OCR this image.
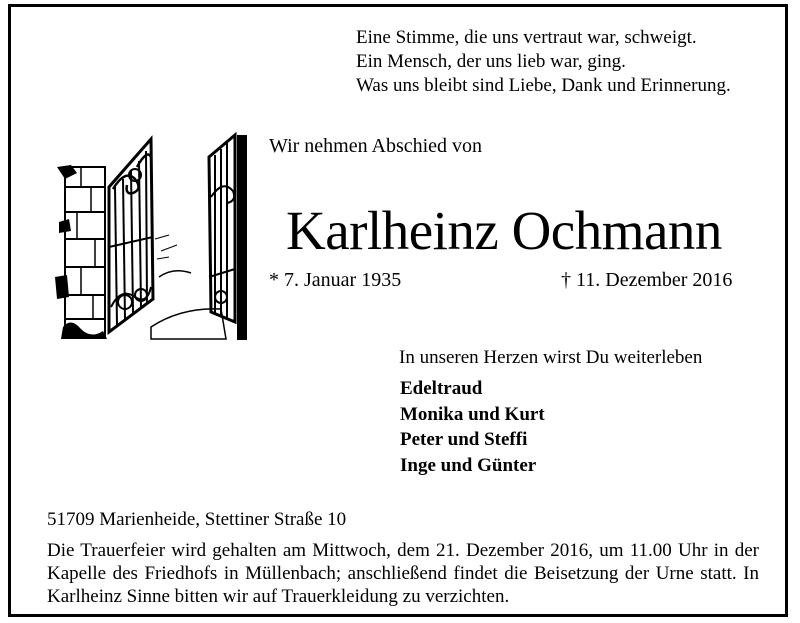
Eine Stimme, die uns vertraut war, schweigt.
Ein Mensch, der uns lieb war, ging.
Was uns bleibt sind Liebe, Dank und Erinnerung.
Wir nehmen Abschied von
Karlheinz Ochmann
* 7. Januar 1935	† 11. Dezember 2016
In unseren Herzen wirst Du weiterleben
Edeltraud
Monika und Kurt
Peter und Steffi
Inge und Günter
51709 Marienheide, Stettiner Straße 10
Die Trauerfeier wird gehalten am Mittwoch, dem 21. Dezember 2016, um 11.00 Uhr in der Kapelle des Friedhofs in Müllenbach; anschließend findet die Beisetzung der Urne statt. In Karlheinz Sinne bitten wir auf Trauerkleidung zu verzichten.
